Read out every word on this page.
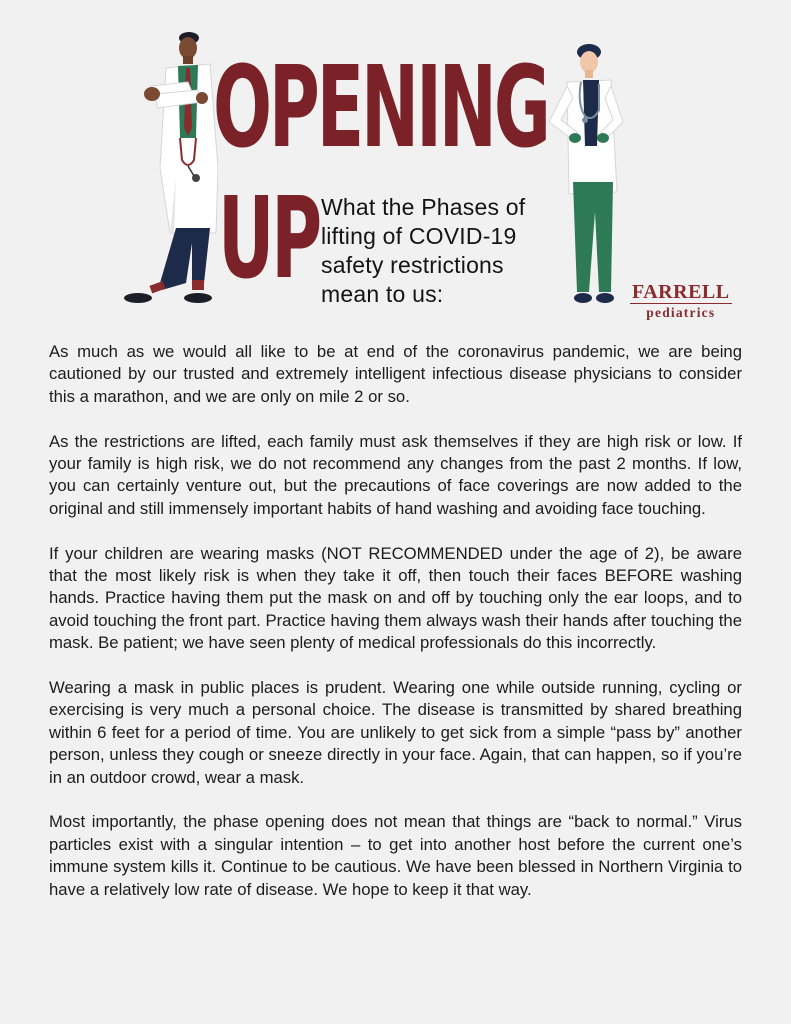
OPENING
UP What the Phases of
lifting of COVID-19
safety restrictions
mean to us:	FARRELL
pediatrics

As much as we would all like to be at end of the coronavirus pandemic, we are being cautioned by our trusted and extremely intelligent infectious disease physicians to consider this a marathon, and we are only on mile 2 or so.

As the restrictions are lifted, each family must ask themselves if they are high risk or low. If your family is high risk, we do not recommend any changes from the past 2 months. If low, you can certainly venture out, but the precautions of face coverings are now added to the original and still immensely important habits of hand washing and avoiding face touching.

If your children are wearing masks (NOT RECOMMENDED under the age of 2), be aware that the most likely risk is when they take it off, then touch their faces BEFORE washing hands. Practice having them put the mask on and off by touching only the ear loops, and to avoid touching the front part. Practice having them always wash their hands after touching the mask. Be patient; we have seen plenty of medical professionals do this incorrectly.

Wearing a mask in public places is prudent. Wearing one while outside running, cycling or exercising is very much a personal choice. The disease is transmitted by shared breathing within 6 feet for a period of time. You are unlikely to get sick from a simple “pass by” another person, unless they cough or sneeze directly in your face. Again, that can happen, so if you’re in an outdoor crowd, wear a mask.

Most importantly, the phase opening does not mean that things are “back to normal.” Virus particles exist with a singular intention – to get into another host before the current one’s immune system kills it. Continue to be cautious. We have been blessed in Northern Virginia to have a relatively low rate of disease. We hope to keep it that way.
